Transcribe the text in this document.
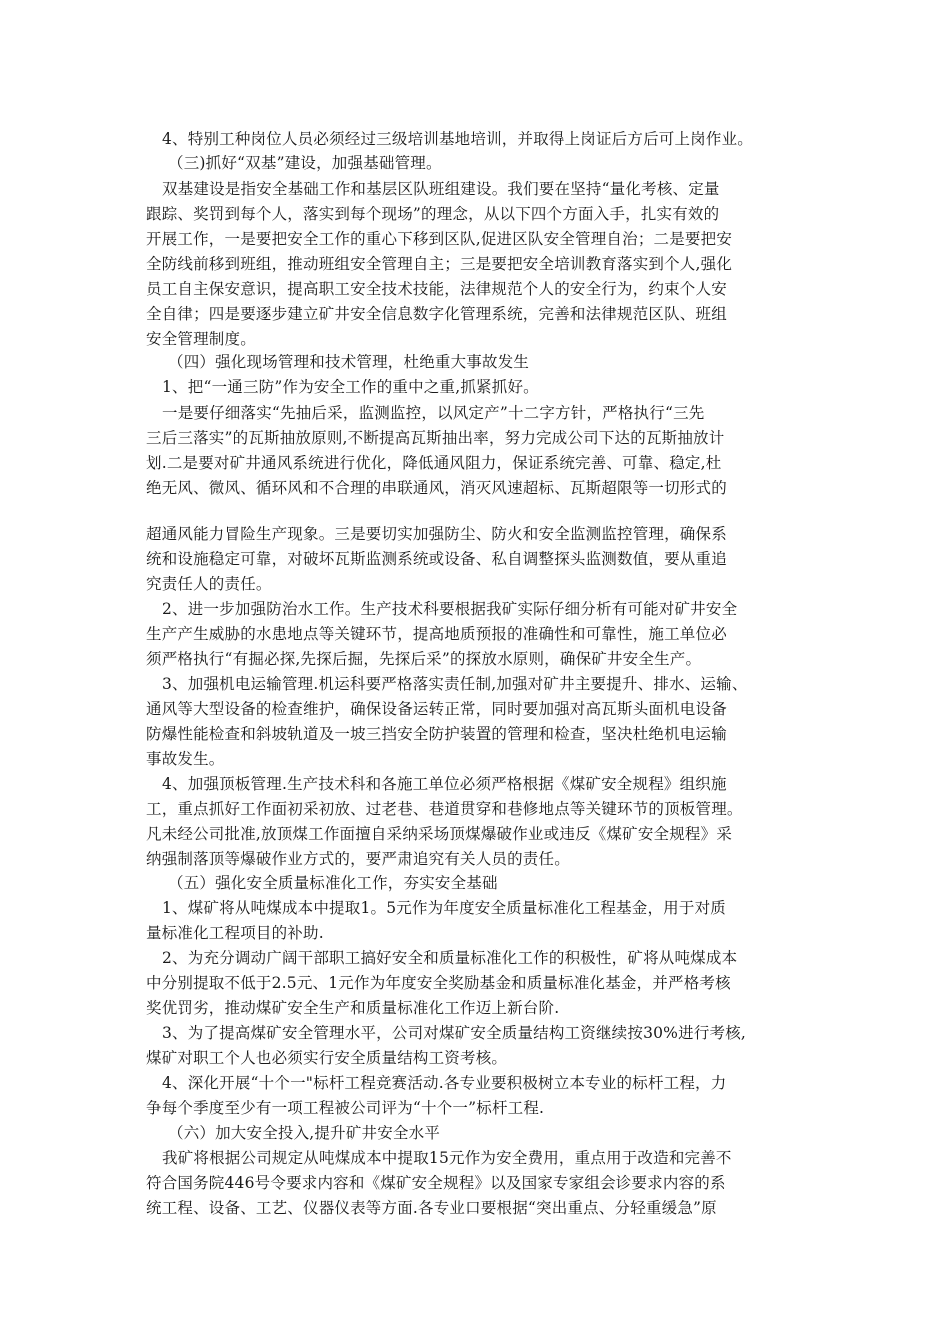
4、特别工种岗位人员必须经过三级培训基地培训，并取得上岗证后方后可上岗作业。
（三)抓好“双基”建设，加强基础管理。
双基建设是指安全基础工作和基层区队班组建设。我们要在坚持“量化考核、定量
跟踪、奖罚到每个人，落实到每个现场”的理念，从以下四个方面入手，扎实有效的
开展工作，一是要把安全工作的重心下移到区队,促进区队安全管理自治；二是要把安
全防线前移到班组，推动班组安全管理自主；三是要把安全培训教育落实到个人,强化
员工自主保安意识，提高职工安全技术技能，法律规范个人的安全行为，约束个人安
全自律；四是要逐步建立矿井安全信息数字化管理系统，完善和法律规范区队、班组
安全管理制度。
（四）强化现场管理和技术管理，杜绝重大事故发生
1、把“一通三防”作为安全工作的重中之重,抓紧抓好。
一是要仔细落实“先抽后采，监测监控，以风定产”十二字方针，严格执行“三先
三后三落实”的瓦斯抽放原则,不断提高瓦斯抽出率，努力完成公司下达的瓦斯抽放计
划.二是要对矿井通风系统进行优化，降低通风阻力，保证系统完善、可靠、稳定,杜
绝无风、微风、循环风和不合理的串联通风，消灭风速超标、瓦斯超限等一切形式的
超通风能力冒险生产现象。三是要切实加强防尘、防火和安全监测监控管理，确保系
统和设施稳定可靠，对破坏瓦斯监测系统或设备、私自调整探头监测数值，要从重追
究责任人的责任。
2、进一步加强防治水工作。生产技术科要根据我矿实际仔细分析有可能对矿井安全
生产产生威胁的水患地点等关键环节，提高地质预报的准确性和可靠性，施工单位必
须严格执行“有掘必探,先探后掘，先探后采”的探放水原则，确保矿井安全生产。
3、加强机电运输管理.机运科要严格落实责任制,加强对矿井主要提升、排水、运输、
通风等大型设备的检查维护，确保设备运转正常，同时要加强对高瓦斯头面机电设备
防爆性能检查和斜坡轨道及一坡三挡安全防护装置的管理和检查，坚决杜绝机电运输
事故发生。
4、加强顶板管理.生产技术科和各施工单位必须严格根据《煤矿安全规程》组织施
工，重点抓好工作面初采初放、过老巷、巷道贯穿和巷修地点等关键环节的顶板管理。
凡未经公司批准,放顶煤工作面擅自采纳采场顶煤爆破作业或违反《煤矿安全规程》采
纳强制落顶等爆破作业方式的，要严肃追究有关人员的责任。
（五）强化安全质量标准化工作，夯实安全基础
1、煤矿将从吨煤成本中提取1。5元作为年度安全质量标准化工程基金，用于对质
量标准化工程项目的补助.
2、为充分调动广阔干部职工搞好安全和质量标准化工作的积极性，矿将从吨煤成本
中分别提取不低于2.5元、1元作为年度安全奖励基金和质量标准化基金，并严格考核
奖优罚劣，推动煤矿安全生产和质量标准化工作迈上新台阶.
3、为了提高煤矿安全管理水平，公司对煤矿安全质量结构工资继续按30%进行考核,
煤矿对职工个人也必须实行安全质量结构工资考核。
4、深化开展“十个一"标杆工程竞赛活动.各专业要积极树立本专业的标杆工程，力
争每个季度至少有一项工程被公司评为“十个一”标杆工程.
（六）加大安全投入,提升矿井安全水平
我矿将根据公司规定从吨煤成本中提取15元作为安全费用，重点用于改造和完善不
符合国务院446号令要求内容和《煤矿安全规程》以及国家专家组会诊要求内容的系
统工程、设备、工艺、仪器仪表等方面.各专业口要根据“突出重点、分轻重缓急”原
